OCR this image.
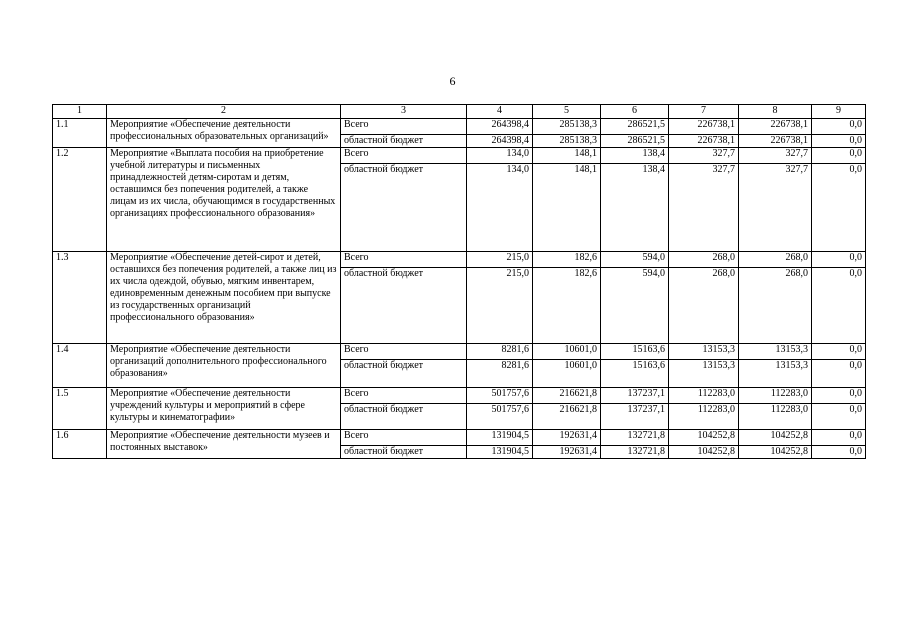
6
1	2	3	4	5	6	7	8	9
1.1	Мероприятие «Обеспечение деятельности профессиональных образовательных организаций»	Всего	264398,4	285138,3	286521,5	226738,1	226738,1	0,0
		областной бюджет	264398,4	285138,3	286521,5	226738,1	226738,1	0,0
1.2	Мероприятие «Выплата пособия на приобретение учебной литературы и письменных принадлежностей детям-сиротам и детям, оставшимся без попечения родителей, а также лицам из их числа, обучающимся в государственных организациях профессионального образования»	Всего	134,0	148,1	138,4	327,7	327,7	0,0
		областной бюджет	134,0	148,1	138,4	327,7	327,7	0,0
1.3	Мероприятие «Обеспечение детей-сирот и детей, оставшихся без попечения родителей, а также лиц из их числа одеждой, обувью, мягким инвентарем, единовременным денежным пособием при выпуске из государственных организаций профессионального образования»	Всего	215,0	182,6	594,0	268,0	268,0	0,0
		областной бюджет	215,0	182,6	594,0	268,0	268,0	0,0
1.4	Мероприятие «Обеспечение деятельности организаций дополнительного профессионального образования»	Всего	8281,6	10601,0	15163,6	13153,3	13153,3	0,0
		областной бюджет	8281,6	10601,0	15163,6	13153,3	13153,3	0,0
1.5	Мероприятие «Обеспечение деятельности учреждений культуры и мероприятий в сфере культуры и кинематографии»	Всего	501757,6	216621,8	137237,1	112283,0	112283,0	0,0
		областной бюджет	501757,6	216621,8	137237,1	112283,0	112283,0	0,0
1.6	Мероприятие «Обеспечение деятельности музеев и постоянных выставок»	Всего	131904,5	192631,4	132721,8	104252,8	104252,8	0,0
		областной бюджет	131904,5	192631,4	132721,8	104252,8	104252,8	0,0
